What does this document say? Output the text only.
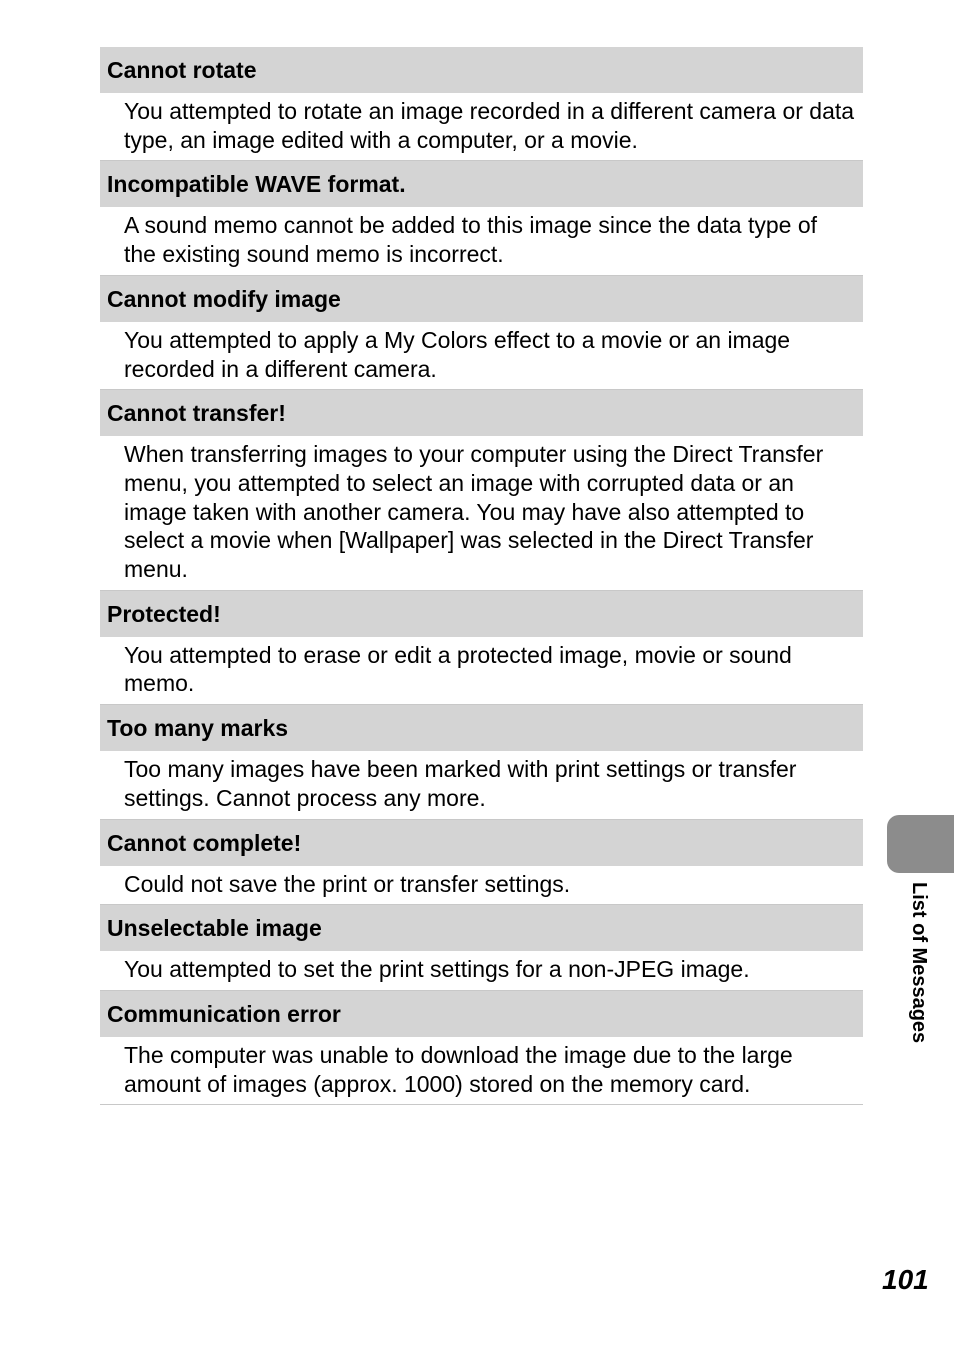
Cannot rotate

You attempted to rotate an image recorded in a different camera or data type, an image edited with a computer, or a movie.

Incompatible WAVE format.

A sound memo cannot be added to this image since the data type of the existing sound memo is incorrect.

Cannot modify image

You attempted to apply a My Colors effect to a movie or an image recorded in a different camera.

Cannot transfer!

When transferring images to your computer using the Direct Transfer menu, you attempted to select an image with corrupted data or an image taken with another camera. You may have also attempted to select a movie when [Wallpaper] was selected in the Direct Transfer menu.

Protected!

You attempted to erase or edit a protected image, movie or sound memo.

Too many marks

Too many images have been marked with print settings or transfer settings. Cannot process any more.

Cannot complete!

Could not save the print or transfer settings.

Unselectable image

You attempted to set the print settings for a non-JPEG image.

Communication error

The computer was unable to download the image due to the large amount of images (approx. 1000) stored on the memory card.

List of Messages
101
